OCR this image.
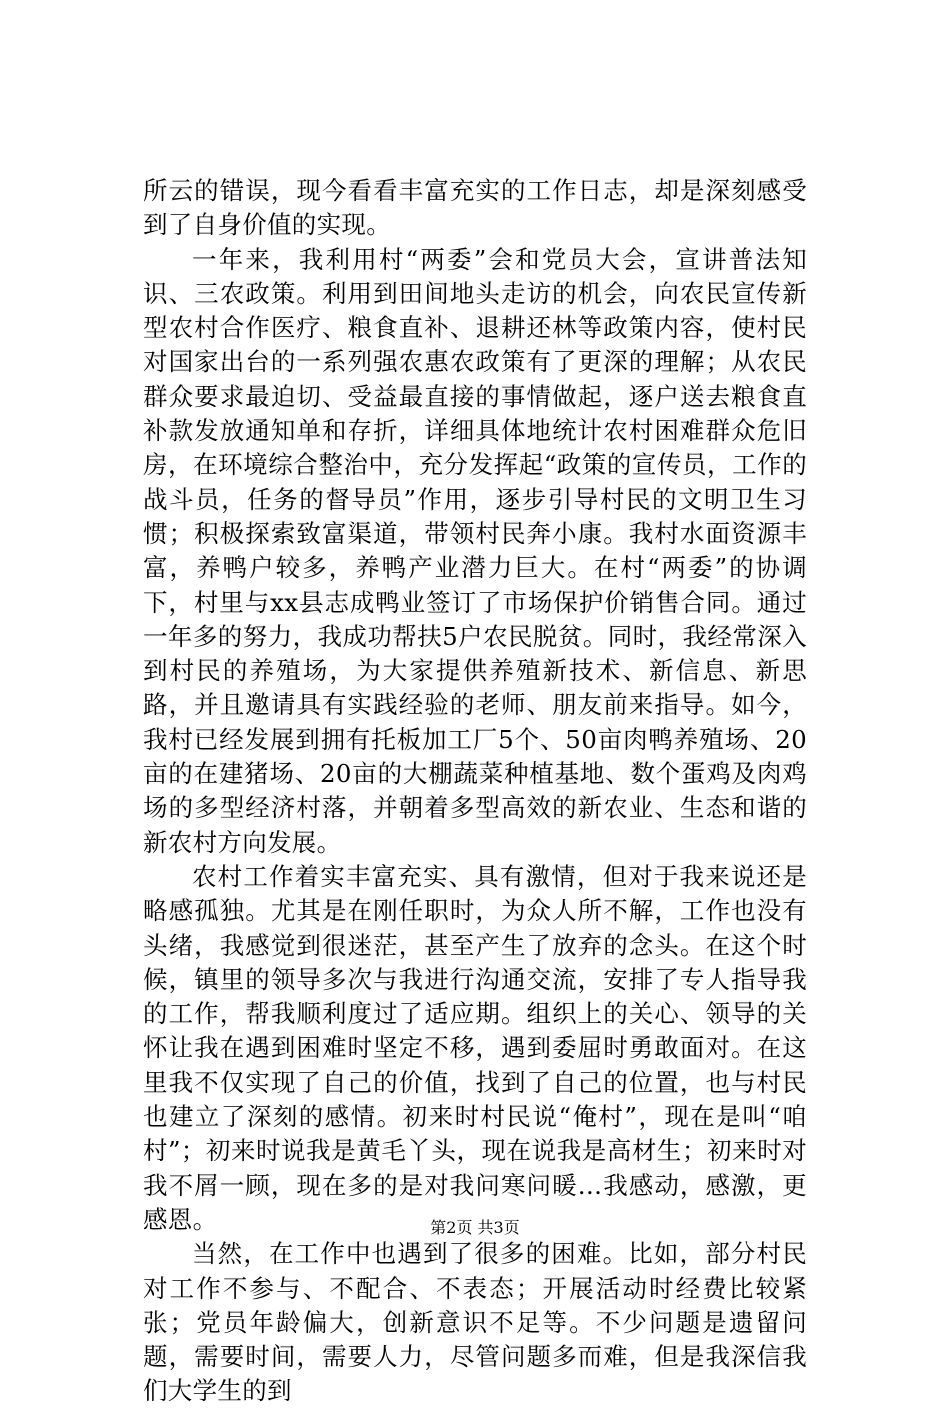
所云的错误，现今看看丰富充实的工作日志，却是深刻感受到了自身价值的实现。

一年来，我利用村“两委”会和党员大会，宣讲普法知识、三农政策。利用到田间地头走访的机会，向农民宣传新型农村合作医疗、粮食直补、退耕还林等政策内容，使村民对国家出台的一系列强农惠农政策有了更深的理解；从农民群众要求最迫切、受益最直接的事情做起，逐户送去粮食直补款发放通知单和存折，详细具体地统计农村困难群众危旧房，在环境综合整治中，充分发挥起“政策的宣传员，工作的战斗员，任务的督导员”作用，逐步引导村民的文明卫生习惯；积极探索致富渠道，带领村民奔小康。我村水面资源丰富，养鸭户较多，养鸭产业潜力巨大。在村“两委”的协调下，村里与xx县志成鸭业签订了市场保护价销售合同。通过一年多的努力，我成功帮扶5户农民脱贫。同时，我经常深入到村民的养殖场，为大家提供养殖新技术、新信息、新思路，并且邀请具有实践经验的老师、朋友前来指导。如今，我村已经发展到拥有托板加工厂5个、50亩肉鸭养殖场、20亩的在建猪场、20亩的大棚蔬菜种植基地、数个蛋鸡及肉鸡场的多型经济村落，并朝着多型高效的新农业、生态和谐的新农村方向发展。

农村工作着实丰富充实、具有激情，但对于我来说还是略感孤独。尤其是在刚任职时，为众人所不解，工作也没有头绪，我感觉到很迷茫，甚至产生了放弃的念头。在这个时候，镇里的领导多次与我进行沟通交流，安排了专人指导我的工作，帮我顺利度过了适应期。组织上的关心、领导的关怀让我在遇到困难时坚定不移，遇到委屈时勇敢面对。在这里我不仅实现了自己的价值，找到了自己的位置，也与村民也建立了深刻的感情。初来时村民说“俺村”，现在是叫“咱村”；初来时说我是黄毛丫头，现在说我是高材生；初来时对我不屑一顾，现在多的是对我问寒问暖…我感动，感激，更感恩。

当然，在工作中也遇到了很多的困难。比如，部分村民对工作不参与、不配合、不表态；开展活动时经费比较紧张；党员年龄偏大，创新意识不足等。不少问题是遗留问题，需要时间，需要人力，尽管问题多而难，但是我深信我们大学生的到

第2页 共3页
